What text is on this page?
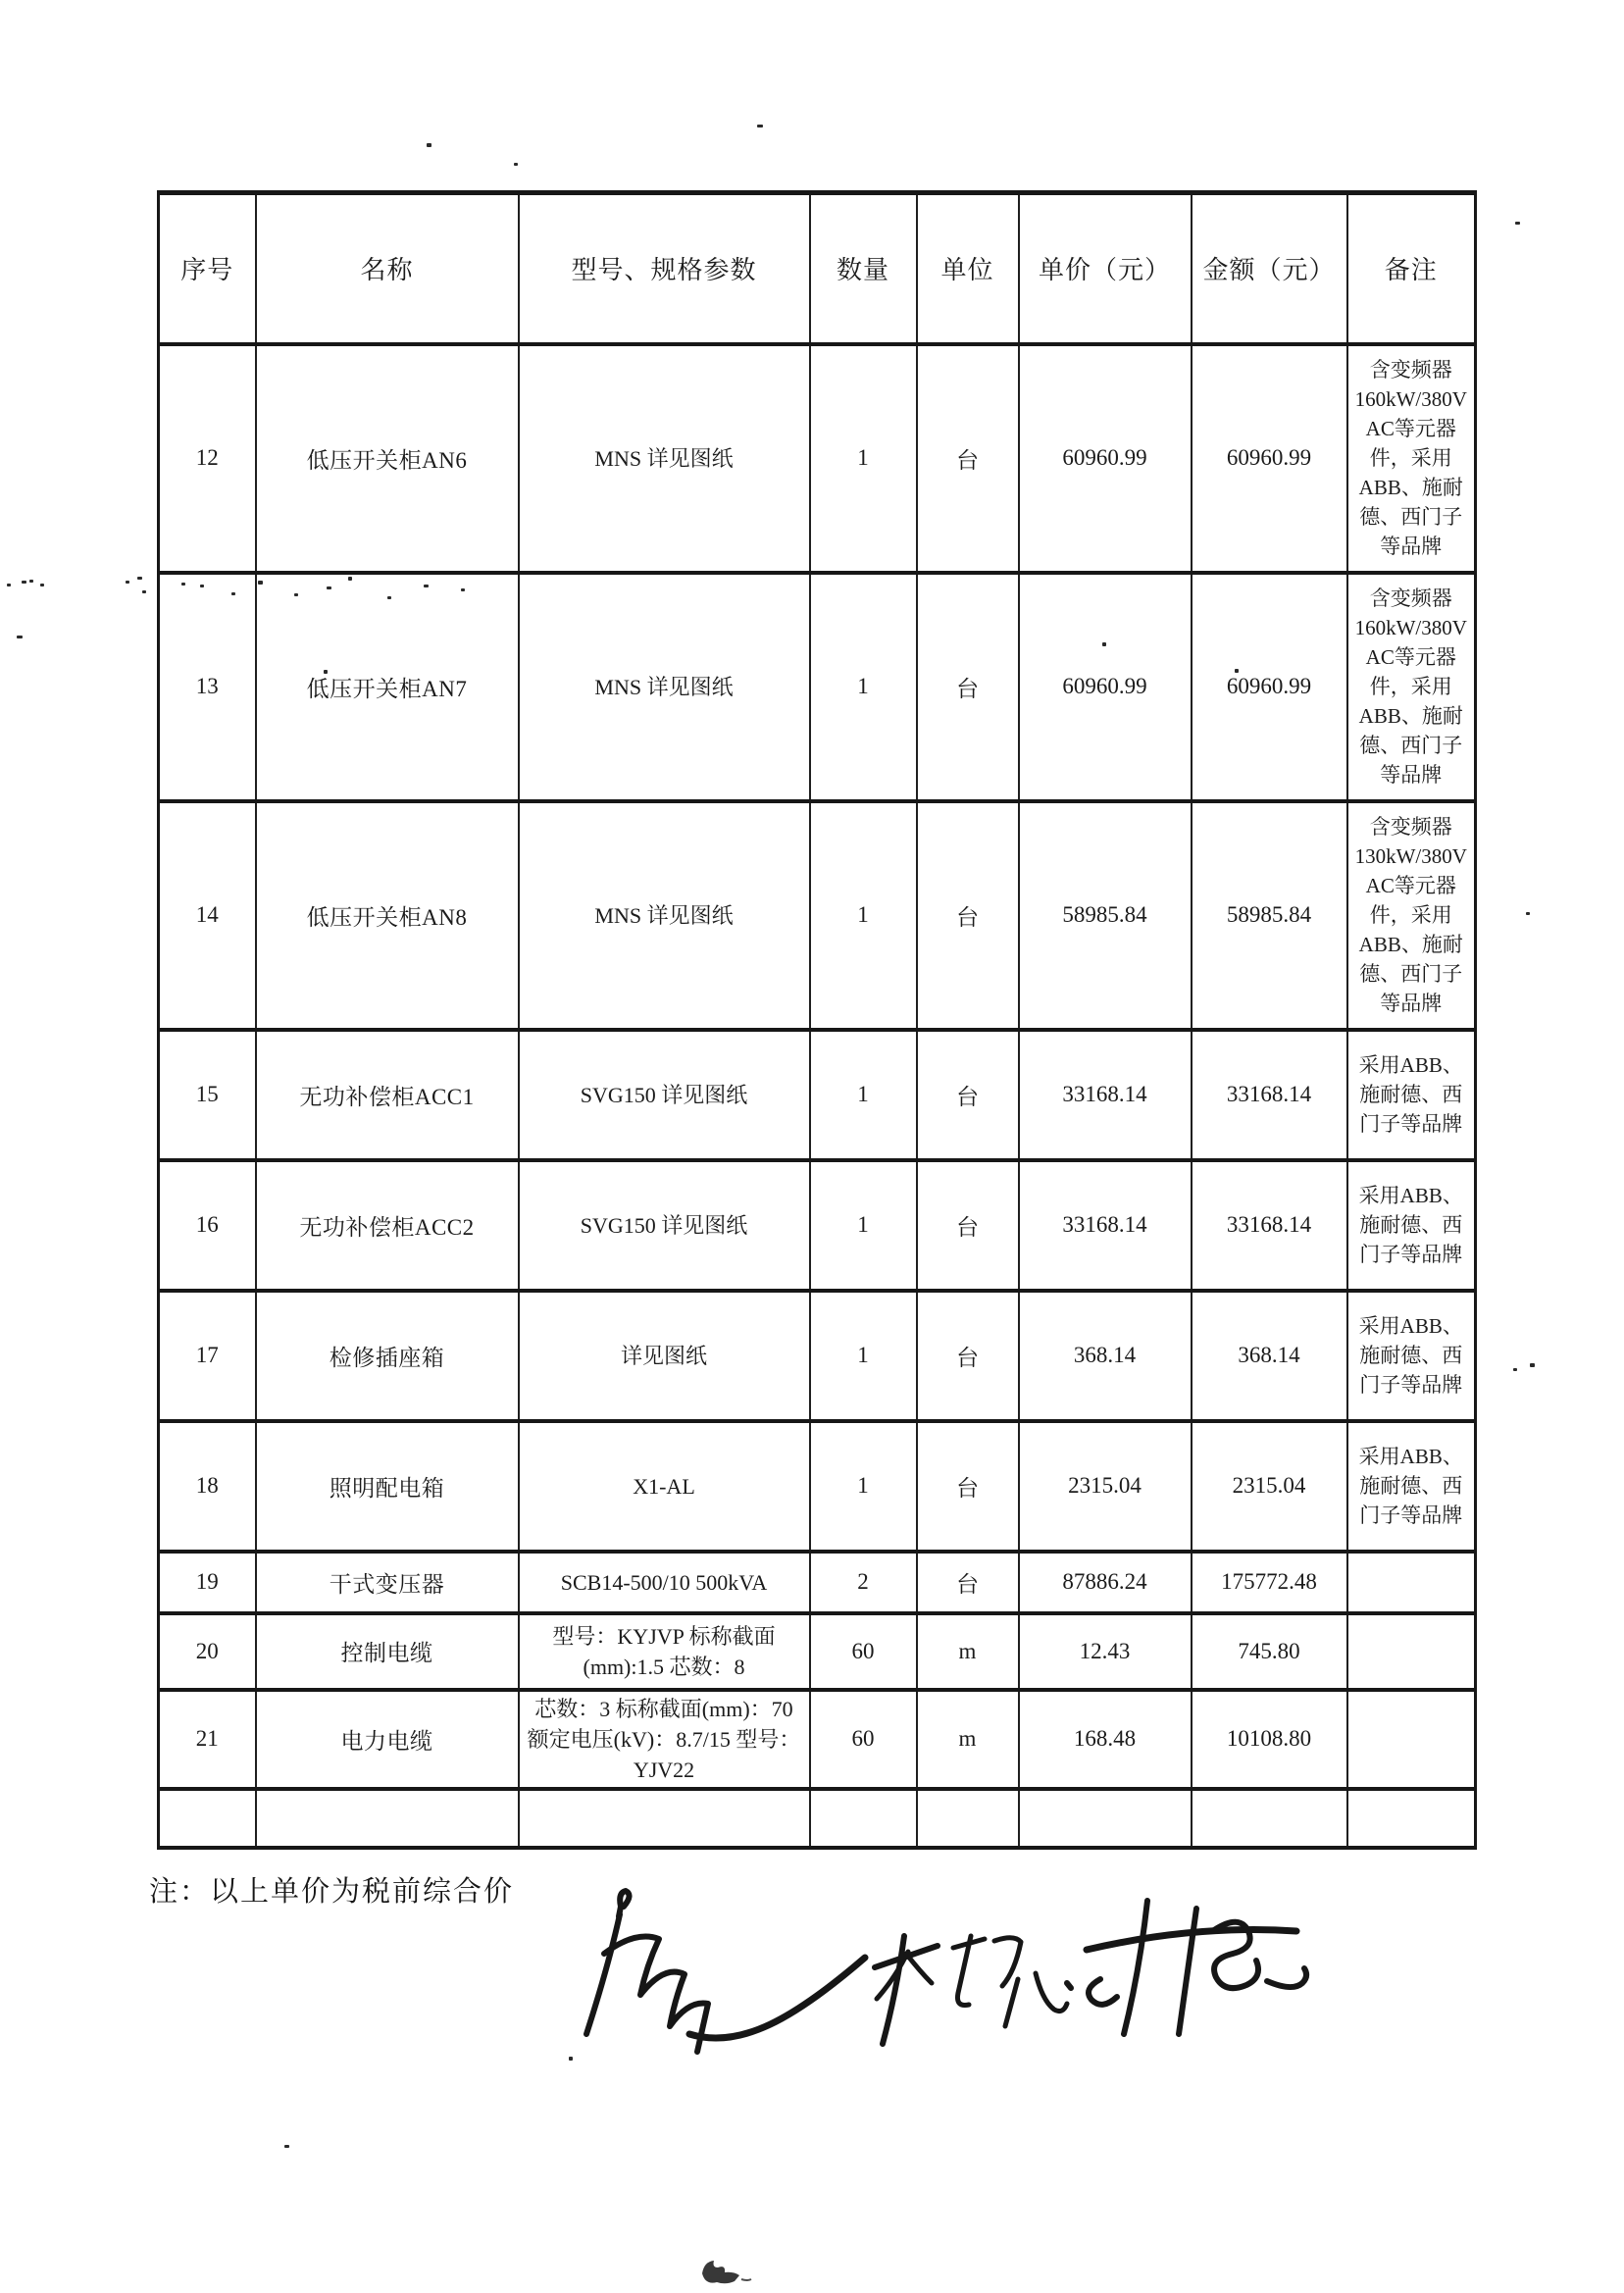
序号	名称	型号、规格参数	数量	单位	单价（元）	金额（元）	备注
12	低压开关柜AN6	MNS 详见图纸	1	台	60960.99	60960.99	含变频器160kW/380VAC等元器件，采用ABB、施耐德、西门子等品牌
13	低压开关柜AN7	MNS 详见图纸	1	台	60960.99	60960.99	含变频器160kW/380VAC等元器件，采用ABB、施耐德、西门子等品牌
14	低压开关柜AN8	MNS 详见图纸	1	台	58985.84	58985.84	含变频器130kW/380VAC等元器件，采用ABB、施耐德、西门子等品牌
15	无功补偿柜ACC1	SVG150 详见图纸	1	台	33168.14	33168.14	采用ABB、施耐德、西门子等品牌
16	无功补偿柜ACC2	SVG150 详见图纸	1	台	33168.14	33168.14	采用ABB、施耐德、西门子等品牌
17	检修插座箱	详见图纸	1	台	368.14	368.14	采用ABB、施耐德、西门子等品牌
18	照明配电箱	X1-AL	1	台	2315.04	2315.04	采用ABB、施耐德、西门子等品牌
19	干式变压器	SCB14-500/10 500kVA	2	台	87886.24	175772.48	
20	控制电缆	型号：KYJVP 标称截面(mm):1.5 芯数：8	60	m	12.43	745.80	
21	电力电缆	芯数：3 标称截面(mm)：70 额定电压(kV)：8.7/15 型号：YJV22	60	m	168.48	10108.80	

注：以上单价为税前综合价
